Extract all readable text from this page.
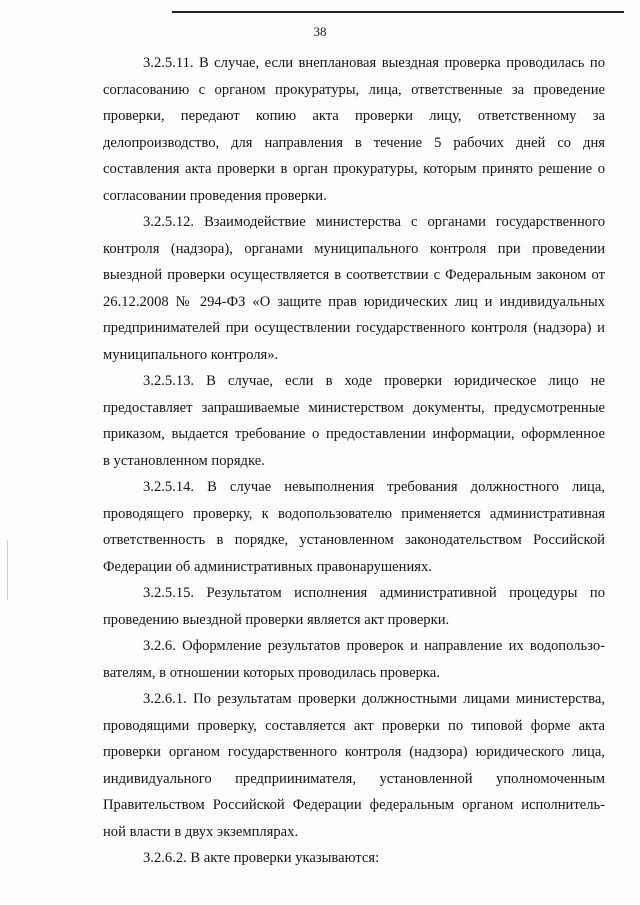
38
3.2.5.11. В случае, если внеплановая выездная проверка проводилась по
согласованию с органом прокуратуры, лица, ответственные за проведение
проверки, передают копию акта проверки лицу, ответственному за
делопроизводство, для направления в течение 5 рабочих дней со дня
составления акта проверки в орган прокуратуры, которым принято решение о
согласовании проведения проверки.
3.2.5.12. Взаимодействие министерства с органами государственного
контроля (надзора), органами муниципального контроля при проведении
выездной проверки осуществляется в соответствии с Федеральным законом от
26.12.2008 № 294-ФЗ «О защите прав юридических лиц и индивидуальных
предпринимателей при осуществлении государственного контроля (надзора) и
муниципального контроля».
3.2.5.13. В случае, если в ходе проверки юридическое лицо не
предоставляет запрашиваемые министерством документы, предусмотренные
приказом, выдается требование о предоставлении информации, оформленное
в установленном порядке.
3.2.5.14. В случае невыполнения требования должностного лица,
проводящего проверку, к водопользователю применяется административная
ответственность в порядке, установленном законодательством Российской
Федерации об административных правонарушениях.
3.2.5.15. Результатом исполнения административной процедуры по
проведению выездной проверки является акт проверки.
3.2.6. Оформление результатов проверок и направление их водопользо-
вателям, в отношении которых проводилась проверка.
3.2.6.1. По результатам проверки должностными лицами министерства,
проводящими проверку, составляется акт проверки по типовой форме акта
проверки органом государственного контроля (надзора) юридического лица,
индивидуального предприинимателя, установленной уполномоченным
Правительством Российской Федерации федеральным органом исполнитель-
ной власти в двух экземплярах.
3.2.6.2. В акте проверки указываются:
